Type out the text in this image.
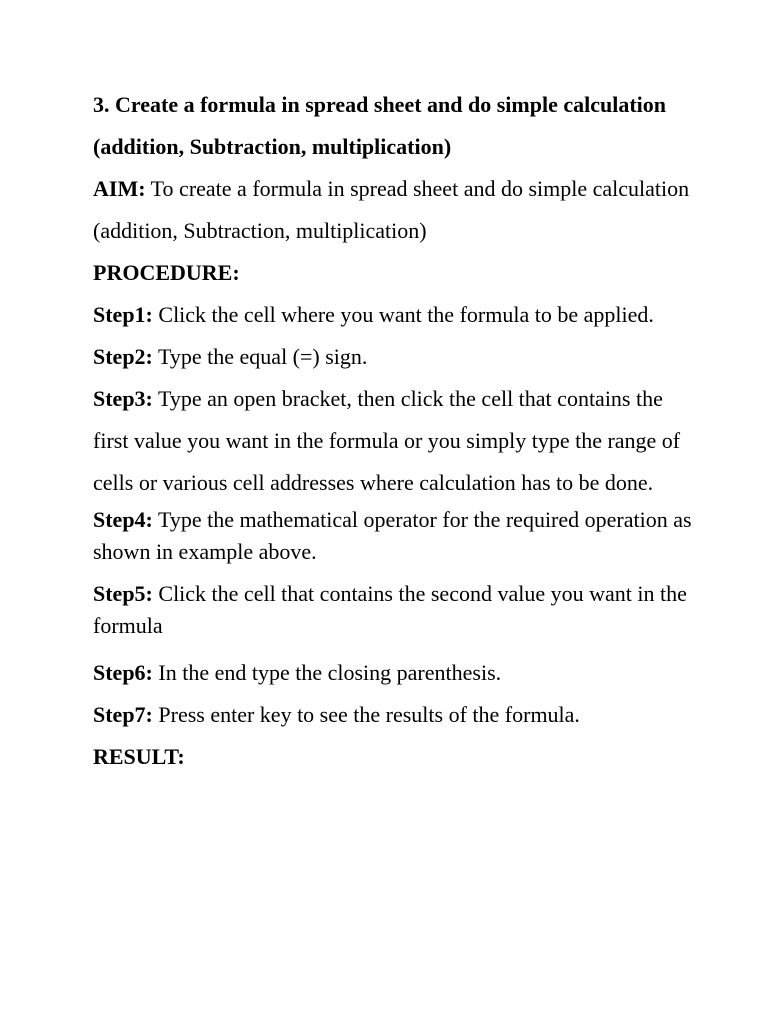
3. Create a formula in spread sheet and do simple calculation (addition, Subtraction, multiplication)

AIM: To create a formula in spread sheet and do simple calculation (addition, Subtraction, multiplication)

PROCEDURE:

Step1: Click the cell where you want the formula to be applied.

Step2: Type the equal (=) sign.

Step3: Type an open bracket, then click the cell that contains the first value you want in the formula or you simply type the range of cells or various cell addresses where calculation has to be done.

Step4: Type the mathematical operator for the required operation as shown in example above.

Step5: Click the cell that contains the second value you want in the formula

Step6: In the end type the closing parenthesis.

Step7: Press enter key to see the results of the formula.

RESULT:
